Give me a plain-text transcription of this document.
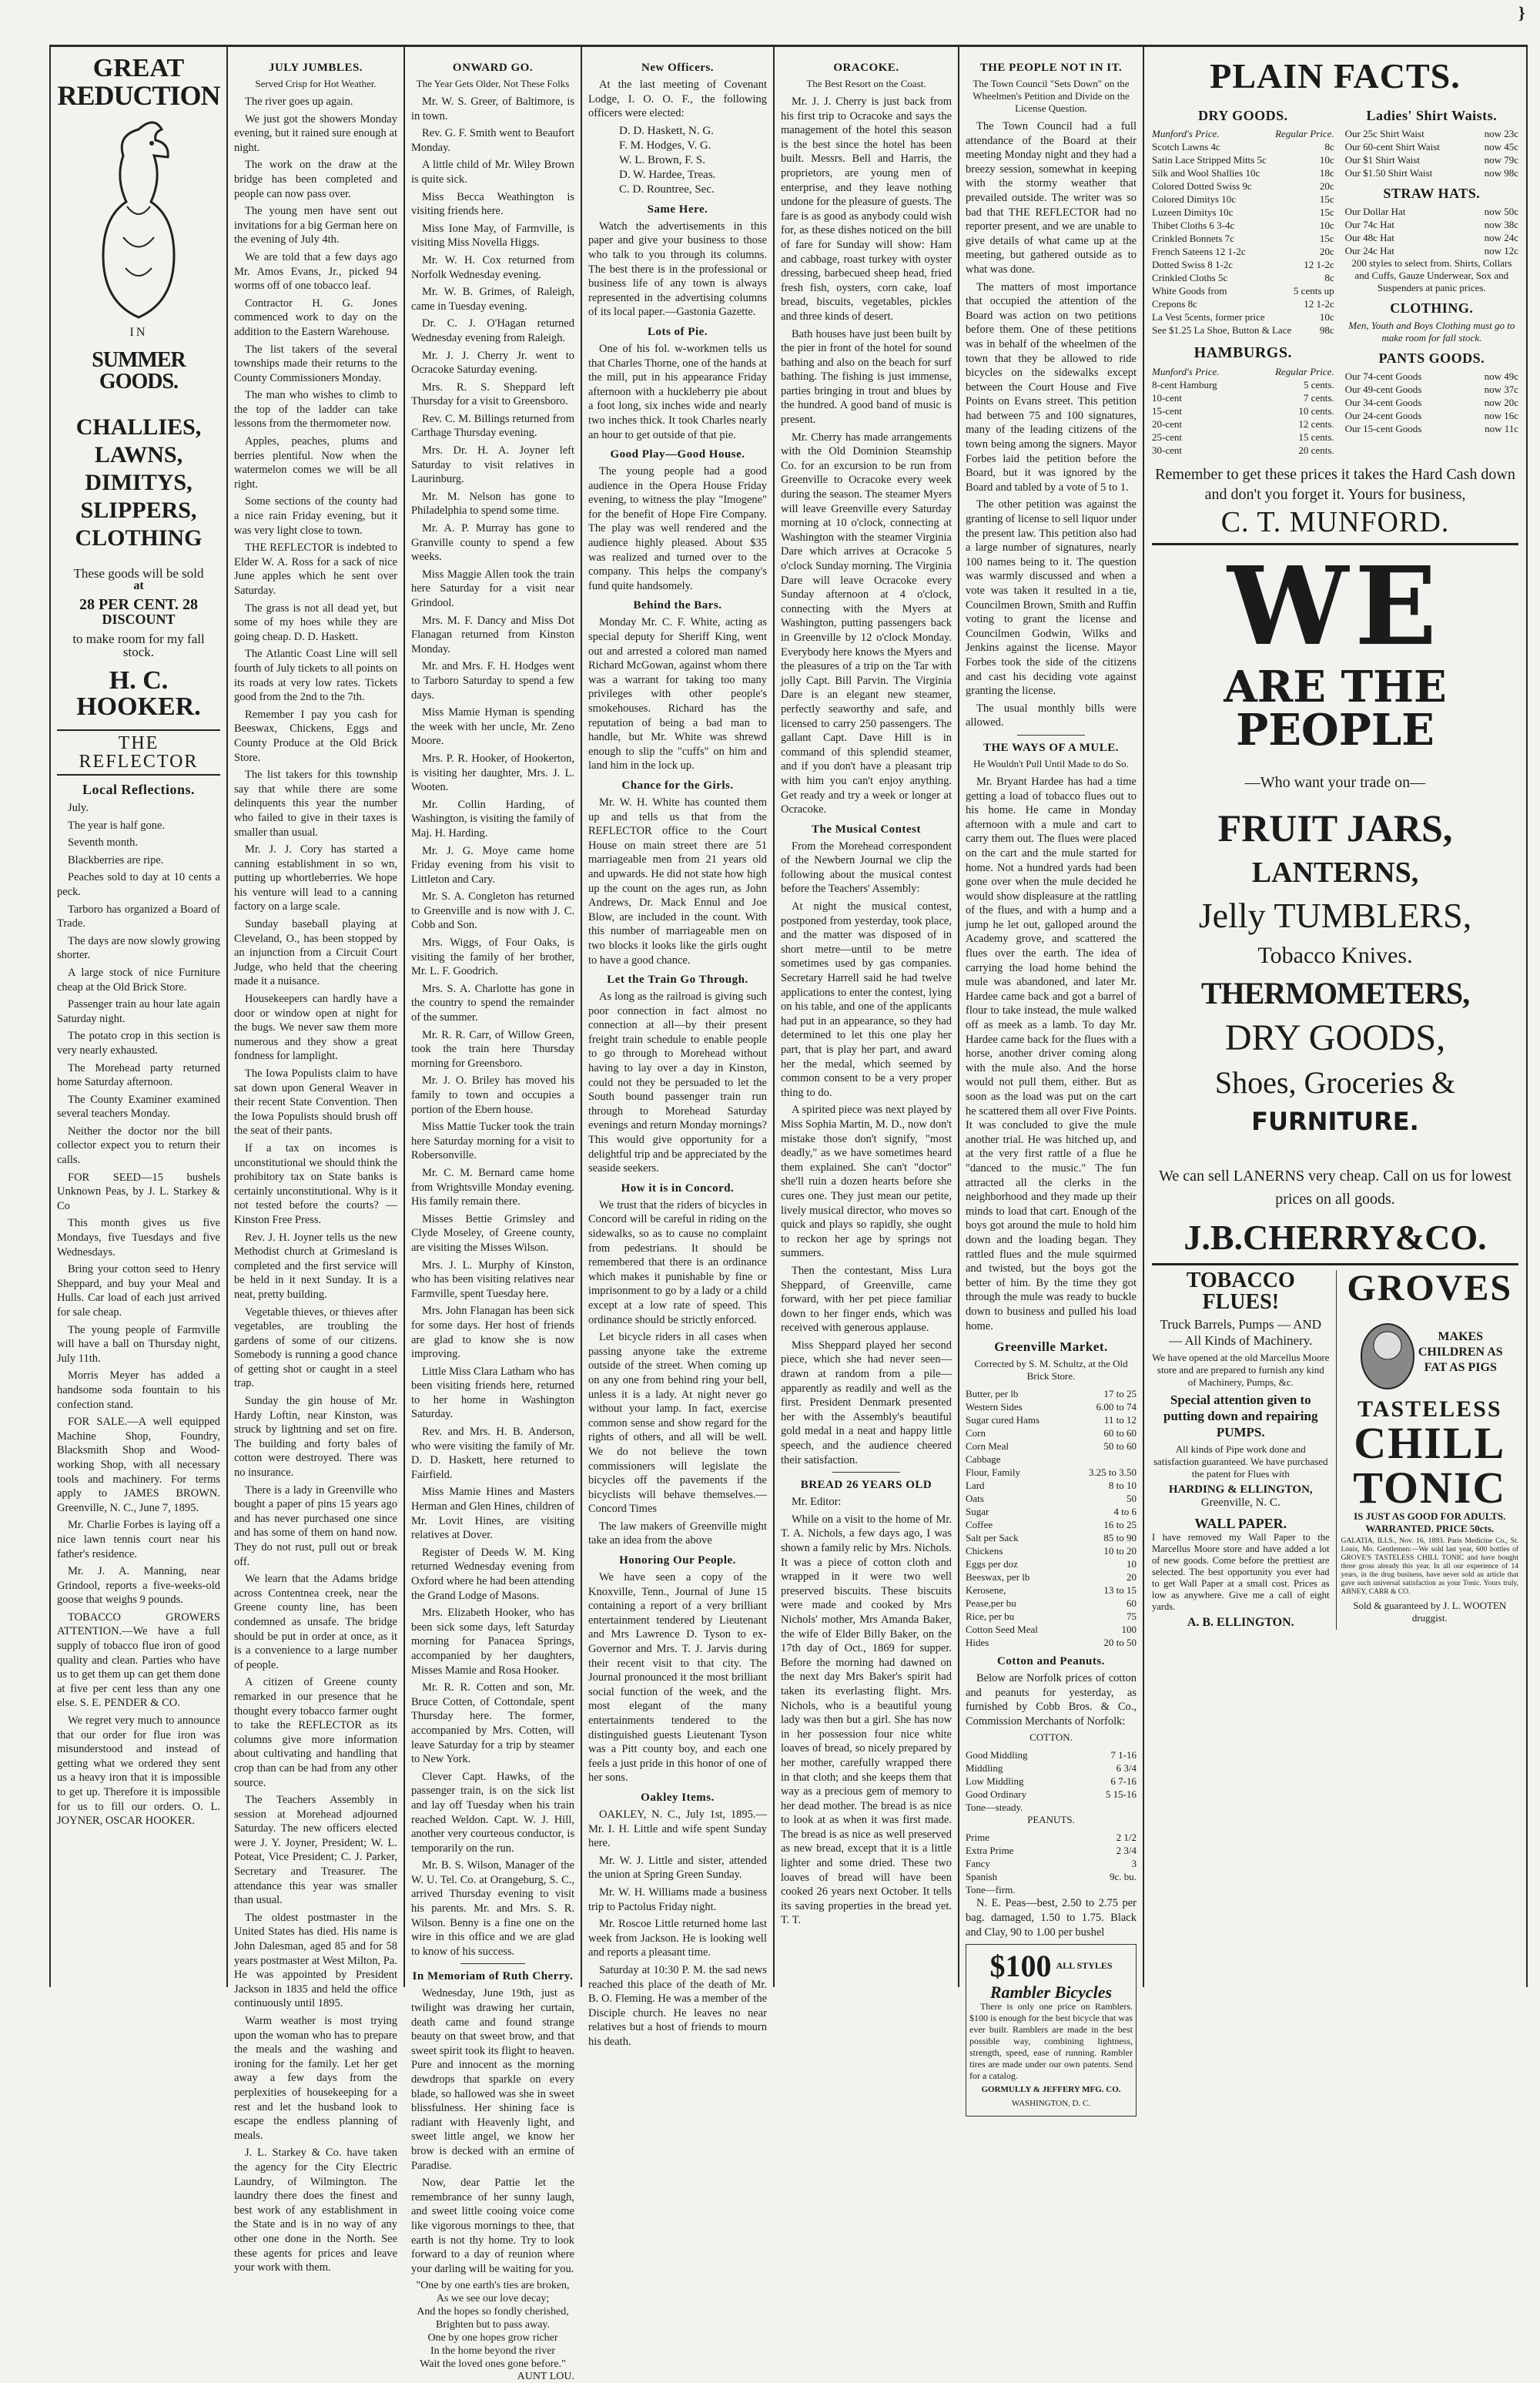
}
GREAT
REDUCTION
IN
SUMMER GOODS.
CHALLIES,
LAWNS,
DIMITYS,
SLIPPERS,
CLOTHING
These goods will be sold
at
28 PER CENT. 28
DISCOUNT
to make room for my fall stock.
H. C. HOOKER.
THE REFLECTOR
Local Reflections.

July.

The year is half gone.

Seventh month.

Blackberries are ripe.

Peaches sold to day at 10 cents a peck.

Tarboro has organized a Board of Trade.

The days are now slowly growing shorter.

A large stock of nice Furniture cheap at the Old Brick Store.

Passenger train au hour late again Saturday night.

The potato crop in this section is very nearly exhausted.

The Morehead party returned home Saturday afternoon.

The County Examiner examined several teachers Monday.

Neither the doctor nor the bill collector expect you to return their calls.

FOR SEED—15 bushels Unknown Peas, by J. L. Starkey & Co

This month gives us five Mondays, five Tuesdays and five Wednesdays.

Bring your cotton seed to Henry Sheppard, and buy your Meal and Hulls. Car load of each just arrived for sale cheap.

The young people of Farmville will have a ball on Thursday night, July 11th.

Morris Meyer has added a handsome soda fountain to his confection stand.

FOR SALE.—A well equipped Machine Shop, Foundry, Blacksmith Shop and Wood-working Shop, with all necessary tools and machinery. For terms apply to JAMES BROWN. Greenville, N. C., June 7, 1895.

Mr. Charlie Forbes is laying off a nice lawn tennis court near his father's residence.

Mr. J. A. Manning, near Grindool, reports a five-weeks-old goose that weighs 9 pounds.

TOBACCO GROWERS ATTENTION.—We have a full supply of tobacco flue iron of good quality and clean. Parties who have us to get them up can get them done at five per cent less than any one else. S. E. PENDER & CO.

We regret very much to announce that our order for flue iron was misunderstood and instead of getting what we ordered they sent us a heavy iron that it is impossible to get up. Therefore it is impossible for us to fill our orders. O. L. JOYNER, OSCAR HOOKER.

JULY JUMBLES.
Served Crisp for Hot Weather.

The river goes up again.

We just got the showers Monday evening, but it rained sure enough at night.

The work on the draw at the bridge has been completed and people can now pass over.

The young men have sent out invitations for a big German here on the evening of July 4th.

We are told that a few days ago Mr. Amos Evans, Jr., picked 94 worms off of one tobacco leaf.

Contractor H. G. Jones commenced work to day on the addition to the Eastern Warehouse.

The list takers of the several townships made their returns to the County Commissioners Monday.

The man who wishes to climb to the top of the ladder can take lessons from the thermometer now.

Apples, peaches, plums and berries plentiful. Now when the watermelon comes we will be all right.

Some sections of the county had a nice rain Friday evening, but it was very light close to town.

THE REFLECTOR is indebted to Elder W. A. Ross for a sack of nice June apples which he sent over Saturday.

The grass is not all dead yet, but some of my hoes while they are going cheap. D. D. Haskett.

The Atlantic Coast Line will sell fourth of July tickets to all points on its roads at very low rates. Tickets good from the 2nd to the 7th.

Remember I pay you cash for Beeswax, Chickens, Eggs and County Produce at the Old Brick Store.

The list takers for this township say that while there are some delinquents this year the number who failed to give in their taxes is smaller than usual.

Mr. J. J. Cory has started a canning establishment in so wn, putting up whortleberries. We hope his venture will lead to a canning factory on a large scale.

Sunday baseball playing at Cleveland, O., has been stopped by an injunction from a Circuit Court Judge, who held that the cheering made it a nuisance.

Housekeepers can hardly have a door or window open at night for the bugs. We never saw them more numerous and they show a great fondness for lamplight.

The Iowa Populists claim to have sat down upon General Weaver in their recent State Convention. Then the Iowa Populists should brush off the seat of their pants.

If a tax on incomes is unconstitutional we should think the prohibitory tax on State banks is certainly unconstitutional. Why is it not tested before the courts? —Kinston Free Press.

Rev. J. H. Joyner tells us the new Methodist church at Grimesland is completed and the first service will be held in it next Sunday. It is a neat, pretty building.

Vegetable thieves, or thieves after vegetables, are troubling the gardens of some of our citizens. Somebody is running a good chance of getting shot or caught in a steel trap.

Sunday the gin house of Mr. Hardy Loftin, near Kinston, was struck by lightning and set on fire. The building and forty bales of cotton were destroyed. There was no insurance.

There is a lady in Greenville who bought a paper of pins 15 years ago and has never purchased one since and has some of them on hand now. They do not rust, pull out or break off.

We learn that the Adams bridge across Contentnea creek, near the Greene county line, has been condemned as unsafe. The bridge should be put in order at once, as it is a convenience to a large number of people.

A citizen of Greene county remarked in our presence that he thought every tobacco farmer ought to take the REFLECTOR as its columns give more information about cultivating and handling that crop than can be had from any other source.

The Teachers Assembly in session at Morehead adjourned Saturday. The new officers elected were J. Y. Joyner, President; W. L. Poteat, Vice President; C. J. Parker, Secretary and Treasurer. The attendance this year was smaller than usual.

The oldest postmaster in the United States has died. His name is John Dalesman, aged 85 and for 58 years postmaster at West Milton, Pa. He was appointed by President Jackson in 1835 and held the office continuously until 1895.

Warm weather is most trying upon the woman who has to prepare the meals and the washing and ironing for the family. Let her get away a few days from the perplexities of housekeeping for a rest and let the husband look to escape the endless planning of meals.

J. L. Starkey & Co. have taken the agency for the City Electric Laundry, of Wilmington. The laundry there does the finest and best work of any establishment in the State and is in no way of any other one done in the North. See these agents for prices and leave your work with them.

ONWARD GO.
The Year Gets Older, Not These Folks

Mr. W. S. Greer, of Baltimore, is in town.

Rev. G. F. Smith went to Beaufort Monday.

A little child of Mr. Wiley Brown is quite sick.

Miss Becca Weathington is visiting friends here.

Miss Ione May, of Farmville, is visiting Miss Novella Higgs.

Mr. W. H. Cox returned from Norfolk Wednesday evening.

Mr. W. B. Grimes, of Raleigh, came in Tuesday evening.

Dr. C. J. O'Hagan returned Wednesday evening from Raleigh.

Mr. J. J. Cherry Jr. went to Ocracoke Saturday evening.

Mrs. R. S. Sheppard left Thursday for a visit to Greensboro.

Rev. C. M. Billings returned from Carthage Thursday evening.

Mrs. Dr. H. A. Joyner left Saturday to visit relatives in Laurinburg.

Mr. M. Nelson has gone to Philadelphia to spend some time.

Mr. A. P. Murray has gone to Granville county to spend a few weeks.

Miss Maggie Allen took the train here Saturday for a visit near Grindool.

Mrs. M. F. Dancy and Miss Dot Flanagan returned from Kinston Monday.

Mr. and Mrs. F. H. Hodges went to Tarboro Saturday to spend a few days.

Miss Mamie Hyman is spending the week with her uncle, Mr. Zeno Moore.

Mrs. P. R. Hooker, of Hookerton, is visiting her daughter, Mrs. J. L. Wooten.

Mr. Collin Harding, of Washington, is visiting the family of Maj. H. Harding.

Mr. J. G. Moye came home Friday evening from his visit to Littleton and Cary.

Mr. S. A. Congleton has returned to Greenville and is now with J. C. Cobb and Son.

Mrs. Wiggs, of Four Oaks, is visiting the family of her brother, Mr. L. F. Goodrich.

Mrs. S. A. Charlotte has gone in the country to spend the remainder of the summer.

Mr. R. R. Carr, of Willow Green, took the train here Thursday morning for Greensboro.

Mr. J. O. Briley has moved his family to town and occupies a portion of the Ebern house.

Miss Mattie Tucker took the train here Saturday morning for a visit to Robersonville.

Mr. C. M. Bernard came home from Wrightsville Monday evening. His family remain there.

Misses Bettie Grimsley and Clyde Moseley, of Greene county, are visiting the Misses Wilson.

Mrs. J. L. Murphy of Kinston, who has been visiting relatives near Farmville, spent Tuesday here.

Mrs. John Flanagan has been sick for some days. Her host of friends are glad to know she is now improving.

Little Miss Clara Latham who has been visiting friends here, returned to her home in Washington Saturday.

Rev. and Mrs. H. B. Anderson, who were visiting the family of Mr. D. D. Haskett, here returned to Fairfield.

Miss Mamie Hines and Masters Herman and Glen Hines, children of Mr. Lovit Hines, are visiting relatives at Dover.

Register of Deeds W. M. King returned Wednesday evening from Oxford where he had been attending the Grand Lodge of Masons.

Mrs. Elizabeth Hooker, who has been sick some days, left Saturday morning for Panacea Springs, accompanied by her daughters, Misses Mamie and Rosa Hooker.

Mr. R. R. Cotten and son, Mr. Bruce Cotten, of Cottondale, spent Thursday here. The former, accompanied by Mrs. Cotten, will leave Saturday for a trip by steamer to New York.

Clever Capt. Hawks, of the passenger train, is on the sick list and lay off Tuesday when his train reached Weldon. Capt. W. J. Hill, another very courteous conductor, is temporarily on the run.

Mr. B. S. Wilson, Manager of the W. U. Tel. Co. at Orangeburg, S. C., arrived Thursday evening to visit his parents. Mr. and Mrs. S. R. Wilson. Benny is a fine one on the wire in this office and we are glad to know of his success.

In Memoriam of Ruth Cherry.

Wednesday, June 19th, just as twilight was drawing her curtain, death came and found strange beauty on that sweet brow, and that sweet spirit took its flight to heaven. Pure and innocent as the morning dewdrops that sparkle on every blade, so hallowed was she in sweet blissfulness. Her shining face is radiant with Heavenly light, and sweet little angel, we know her brow is decked with an ermine of Paradise.

Now, dear Pattie let the remembrance of her sunny laugh, and sweet little cooing voice come like vigorous mornings to thee, that earth is not thy home. Try to look forward to a day of reunion where your darling will be waiting for you.

"One by one earth's ties are broken,
As we see our love decay;
And the hopes so fondly cherished,
Brighten but to pass away.
One by one hopes grow richer
In the home beyond the river
Wait the loved ones gone before."
AUNT LOU.
New Officers.

At the last meeting of Covenant Lodge, I. O. O. F., the following officers were elected:

D. D. Haskett, N. G.
F. M. Hodges, V. G.
W. L. Brown, F. S.
D. W. Hardee, Treas.
C. D. Rountree, Sec.
Same Here.

Watch the advertisements in this paper and give your business to those who talk to you through its columns. The best there is in the professional or business life of any town is always represented in the advertising columns of its local paper.—Gastonia Gazette.

Lots of Pie.

One of his fol. w-workmen tells us that Charles Thorne, one of the hands at the mill, put in his appearance Friday afternoon with a huckleberry pie about a foot long, six inches wide and nearly two inches thick. It took Charles nearly an hour to get outside of that pie.

Good Play—Good House.

The young people had a good audience in the Opera House Friday evening, to witness the play "Imogene" for the benefit of Hope Fire Company. The play was well rendered and the audience highly pleased. About $35 was realized and turned over to the company. This helps the company's fund quite handsomely.

Behind the Bars.

Monday Mr. C. F. White, acting as special deputy for Sheriff King, went out and arrested a colored man named Richard McGowan, against whom there was a warrant for taking too many privileges with other people's smokehouses. Richard has the reputation of being a bad man to handle, but Mr. White was shrewd enough to slip the "cuffs" on him and land him in the lock up.

Chance for the Girls.

Mr. W. H. White has counted them up and tells us that from the REFLECTOR office to the Court House on main street there are 51 marriageable men from 21 years old and upwards. He did not state how high up the count on the ages run, as John Andrews, Dr. Mack Ennul and Joe Blow, are included in the count. With this number of marriageable men on two blocks it looks like the girls ought to have a good chance.

Let the Train Go Through.

As long as the railroad is giving such poor connection in fact almost no connection at all—by their present freight train schedule to enable people to go through to Morehead without having to lay over a day in Kinston, could not they be persuaded to let the South bound passenger train run through to Morehead Saturday evenings and return Monday mornings? This would give opportunity for a delightful trip and be appreciated by the seaside seekers.

How it is in Concord.

We trust that the riders of bicycles in Concord will be careful in riding on the sidewalks, so as to cause no complaint from pedestrians. It should be remembered that there is an ordinance which makes it punishable by fine or imprisonment to go by a lady or a child except at a low rate of speed. This ordinance should be strictly enforced.

Let bicycle riders in all cases when passing anyone take the extreme outside of the street. When coming up on any one from behind ring your bell, unless it is a lady. At night never go without your lamp. In fact, exercise common sense and show regard for the rights of others, and all will be well. We do not believe the town commissioners will legislate the bicycles off the pavements if the bicyclists will behave themselves.—Concord Times

The law makers of Greenville might take an idea from the above

Honoring Our People.

We have seen a copy of the Knoxville, Tenn., Journal of June 15 containing a report of a very brilliant entertainment tendered by Lieutenant and Mrs Lawrence D. Tyson to ex-Governor and Mrs. T. J. Jarvis during their recent visit to that city. The Journal pronounced it the most brilliant social function of the week, and the most elegant of the many entertainments tendered to the distinguished guests Lieutenant Tyson was a Pitt county boy, and each one feels a just pride in this honor of one of her sons.

Oakley Items.

OAKLEY, N. C., July 1st, 1895.—Mr. I. H. Little and wife spent Sunday here.

Mr. W. J. Little and sister, attended the union at Spring Green Sunday.

Mr. W. H. Williams made a business trip to Pactolus Friday night.

Mr. Roscoe Little returned home last week from Jackson. He is looking well and reports a pleasant time.

Saturday at 10:30 P. M. the sad news reached this place of the death of Mr. B. O. Fleming. He was a member of the Disciple church. He leaves no near relatives but a host of friends to mourn his death.

ORACOKE.
The Best Resort on the Coast.

Mr. J. J. Cherry is just back from his first trip to Ocracoke and says the management of the hotel this season is the best since the hotel has been built. Messrs. Bell and Harris, the proprietors, are young men of enterprise, and they leave nothing undone for the pleasure of guests. The fare is as good as anybody could wish for, as these dishes noticed on the bill of fare for Sunday will show: Ham and cabbage, roast turkey with oyster dressing, barbecued sheep head, fried fresh fish, oysters, corn cake, loaf bread, biscuits, vegetables, pickles and three kinds of desert.

Bath houses have just been built by the pier in front of the hotel for sound bathing and also on the beach for surf bathing. The fishing is just immense, parties bringing in trout and blues by the hundred. A good band of music is present.

Mr. Cherry has made arrangements with the Old Dominion Steamship Co. for an excursion to be run from Greenville to Ocracoke every week during the season. The steamer Myers will leave Greenville every Saturday morning at 10 o'clock, connecting at Washington with the steamer Virginia Dare which arrives at Ocracoke 5 o'clock Sunday morning. The Virginia Dare will leave Ocracoke every Sunday afternoon at 4 o'clock, connecting with the Myers at Washington, putting passengers back in Greenville by 12 o'clock Monday. Everybody here knows the Myers and the pleasures of a trip on the Tar with jolly Capt. Bill Parvin. The Virginia Dare is an elegant new steamer, perfectly seaworthy and safe, and licensed to carry 250 passengers. The gallant Capt. Dave Hill is in command of this splendid steamer, and if you don't have a pleasant trip with him you can't enjoy anything. Get ready and try a week or longer at Ocracoke.

The Musical Contest

From the Morehead correspondent of the Newbern Journal we clip the following about the musical contest before the Teachers' Assembly:

At night the musical contest, postponed from yesterday, took place, and the matter was disposed of in short metre—until to be metre sometimes used by gas companies. Secretary Harrell said he had twelve applications to enter the contest, lying on his table, and one of the applicants had put in an appearance, so they had determined to let this one play her part, that is play her part, and award her the medal, which seemed by common consent to be a very proper thing to do.

A spirited piece was next played by Miss Sophia Martin, M. D., now don't mistake those don't signify, "most deadly," as we have sometimes heard them explained. She can't "doctor" she'll ruin a dozen hearts before she cures one. They just mean our petite, lively musical director, who moves so quick and plays so rapidly, she ought to reckon her age by springs not summers.

Then the contestant, Miss Lura Sheppard, of Greenville, came forward, with her pet piece familiar down to her finger ends, which was received with generous applause.

Miss Sheppard played her second piece, which she had never seen—drawn at random from a pile—apparently as readily and well as the first. President Denmark presented her with the Assembly's beautiful gold medal in a neat and happy little speech, and the audience cheered their satisfaction.

BREAD 26 YEARS OLD

Mr. Editor:

While on a visit to the home of Mr. T. A. Nichols, a few days ago, I was shown a family relic by Mrs. Nichols. It was a piece of cotton cloth and wrapped in it were two well preserved biscuits. These biscuits were made and cooked by Mrs Nichols' mother, Mrs Amanda Baker, the wife of Elder Billy Baker, on the 17th day of Oct., 1869 for supper. Before the morning had dawned on the next day Mrs Baker's spirit had taken its everlasting flight. Mrs. Nichols, who is a beautiful young lady was then but a girl. She has now in her possession four nice white loaves of bread, so nicely prepared by her mother, carefully wrapped there in that cloth; and she keeps them that way as a precious gem of memory to her dead mother. The bread is as nice to look at as when it was first made. The bread is as nice as well preserved as new bread, except that it is a little lighter and some dried. These two loaves of bread will have been cooked 26 years next October. It tells its saving properties in the bread yet. T. T.

THE PEOPLE NOT IN IT.
The Town Council "Sets Down" on the Wheelmen's Petition and Divide on the License Question.

The Town Council had a full attendance of the Board at their meeting Monday night and they had a breezy session, somewhat in keeping with the stormy weather that prevailed outside. The writer was so bad that THE REFLECTOR had no reporter present, and we are unable to give details of what came up at the meeting, but gathered outside as to what was done.

The matters of most importance that occupied the attention of the Board was action on two petitions before them. One of these petitions was in behalf of the wheelmen of the town that they be allowed to ride bicycles on the sidewalks except between the Court House and Five Points on Evans street. This petition had between 75 and 100 signatures, many of the leading citizens of the town being among the signers. Mayor Forbes laid the petition before the Board, but it was ignored by the Board and tabled by a vote of 5 to 1.

The other petition was against the granting of license to sell liquor under the present law. This petition also had a large number of signatures, nearly 100 names being to it. The question was warmly discussed and when a vote was taken it resulted in a tie, Councilmen Brown, Smith and Ruffin voting to grant the license and Councilmen Godwin, Wilks and Jenkins against the license. Mayor Forbes took the side of the citizens and cast his deciding vote against granting the license.

The usual monthly bills were allowed.

THE WAYS OF A MULE.
He Wouldn't Pull Until Made to do So.

Mr. Bryant Hardee has had a time getting a load of tobacco flues out to his home. He came in Monday afternoon with a mule and cart to carry them out. The flues were placed on the cart and the mule started for home. Not a hundred yards had been gone over when the mule decided he would show displeasure at the rattling of the flues, and with a hump and a jump he let out, galloped around the Academy grove, and scattered the flues over the earth. The idea of carrying the load home behind the mule was abandoned, and later Mr. Hardee came back and got a barrel of flour to take instead, the mule walked off as meek as a lamb. To day Mr. Hardee came back for the flues with a horse, another driver coming along with the mule also. And the horse would not pull them, either. But as soon as the load was put on the cart he scattered them all over Five Points. It was concluded to give the mule another trial. He was hitched up, and at the very first rattle of a flue he "danced to the music." The fun attracted all the clerks in the neighborhood and they made up their minds to load that cart. Enough of the boys got around the mule to hold him down and the loading began. They rattled flues and the mule squirmed and twisted, but the boys got the better of him. By the time they got through the mule was ready to buckle down to business and pulled his load home.

Greenville Market.
Corrected by S. M. Schultz, at the Old Brick Store.
Butter, per lb	17 to 25
Western Sides	6.00 to 74
Sugar cured Hams	11 to 12
Corn	60 to 60
Corn Meal	50 to 60
Cabbage
Flour, Family	3.25 to 3.50
Lard	8 to 10
Oats	50
Sugar	4 to 6
Coffee	16 to 25
Salt per Sack	85 to 90
Chickens	10 to 20
Eggs per doz	10
Beeswax, per lb	20
Kerosene,	13 to 15
Pease,per bu	60
Rice, per bu	75
Cotton Seed Meal	100
Hides	20 to 50
Cotton and Peanuts.

Below are Norfolk prices of cotton and peanuts for yesterday, as furnished by Cobb Bros. & Co., Commission Merchants of Norfolk:

COTTON.
Good Middling	7 1-16
Middling	6 3/4
Low Middling	6 7-16
Good Ordinary	5 15-16
Tone—steady.
PEANUTS.
Prime	2 1/2
Extra Prime	2 3/4
Fancy	3
Spanish	9c. bu.
Tone—firm.

N. E. Peas—best, 2.50 to 2.75 per bag. damaged, 1.50 to 1.75. Black and Clay, 90 to 1.00 per bushel

$100 ALL STYLES
Rambler Bicycles

There is only one price on Ramblers. $100 is enough for the best bicycle that was ever built. Ramblers are made in the best possible way, combining lightness, strength, speed, ease of running. Rambler tires are made under our own patents. Send for a catalog.

GORMULLY & JEFFERY MFG. CO.
WASHINGTON, D. C.
PLAIN FACTS.
DRY GOODS.
Munford's Price.	Regular Price.
Scotch Lawns 4c	8c
Satin Lace Stripped Mitts 5c	10c
Silk and Wool Shallies 10c	18c
Colored Dotted Swiss 9c	20c
Colored Dimitys 10c	15c
Luzeen Dimitys 10c	15c
Thibet Cloths 6 3-4c	10c
Crinkled Bonnets 7c	15c
French Sateens 12 1-2c	20c
Dotted Swiss 8 1-2c	12 1-2c
Crinkled Cloths 5c	8c
White Goods from	5 cents up
Crepons 8c	12 1-2c
La Vest 5cents, former price	10c
See $1.25 La Shoe, Button & Lace	98c
HAMBURGS.
Munford's Price.	Regular Price.
8-cent Hamburg	5 cents.
10-cent	7 cents.
15-cent	10 cents.
20-cent	12 cents.
25-cent	15 cents.
30-cent	20 cents.
Ladies' Shirt Waists.
Our 25c Shirt Waist	now 23c
Our 60-cent Shirt Waist	now 45c
Our $1 Shirt Waist	now 79c
Our $1.50 Shirt Waist	now 98c
STRAW HATS.
Our Dollar Hat	now 50c
Our 74c Hat	now 38c
Our 48c Hat	now 24c
Our 24c Hat	now 12c
200 styles to select from. Shirts, Collars and Cuffs, Gauze Underwear, Sox and Suspenders at panic prices.
CLOTHING.
Men, Youth and Boys Clothing must go to make room for fall stock.
PANTS GOODS.
Our 74-cent Goods	now 49c
Our 49-cent Goods	now 37c
Our 34-cent Goods	now 20c
Our 24-cent Goods	now 16c
Our 15-cent Goods	now 11c
Remember to get these prices it takes the Hard Cash down and don't you forget it. Yours for business,
C. T. MUNFORD.
WE
ARE THE PEOPLE
—Who want your trade on—
FRUIT JARS,
LANTERNS,
Jelly TUMBLERS,
Tobacco Knives.
THERMOMETERS,
DRY GOODS,
Shoes, Groceries &
FURNITURE.
We can sell LANERNS very cheap. Call on us for lowest prices on all goods.
J.B.CHERRY&CO.
TOBACCO FLUES!
Truck Barrels, Pumps — AND — All Kinds of Machinery.
We have opened at the old Marcellus Moore store and are prepared to furnish any kind of Machinery, Pumps, &c.
Special attention given to putting down and repairing PUMPS.
All kinds of Pipe work done and satisfaction guaranteed. We have purchased the patent for Flues with
HARDING & ELLINGTON,
Greenville, N. C.
WALL PAPER.
I have removed my Wall Paper to the Marcellus Moore store and have added a lot of new goods. Come before the prettiest are selected. The best opportunity you ever had to get Wall Paper at a small cost. Prices as low as anywhere. Give me a call of eight yards.
A. B. ELLINGTON.
GROVES
MAKES CHILDREN AS FAT AS PIGS
TASTELESS
CHILL
TONIC
IS JUST AS GOOD FOR ADULTS. WARRANTED. PRICE 50cts.
GALATIA, ILLS., Nov. 16, 1893. Paris Medicine Co., St. Louis, Mo. Gentlemen:—We sold last year, 600 bottles of GROVE'S TASTELESS CHILL TONIC and have bought three gross already this year. In all our experience of 14 years, in the drug business, have never sold an article that gave such universal satisfaction as your Tonic. Yours truly, ABNEY, CARR & CO.
Sold & guaranteed by J. L. WOOTEN druggist.
